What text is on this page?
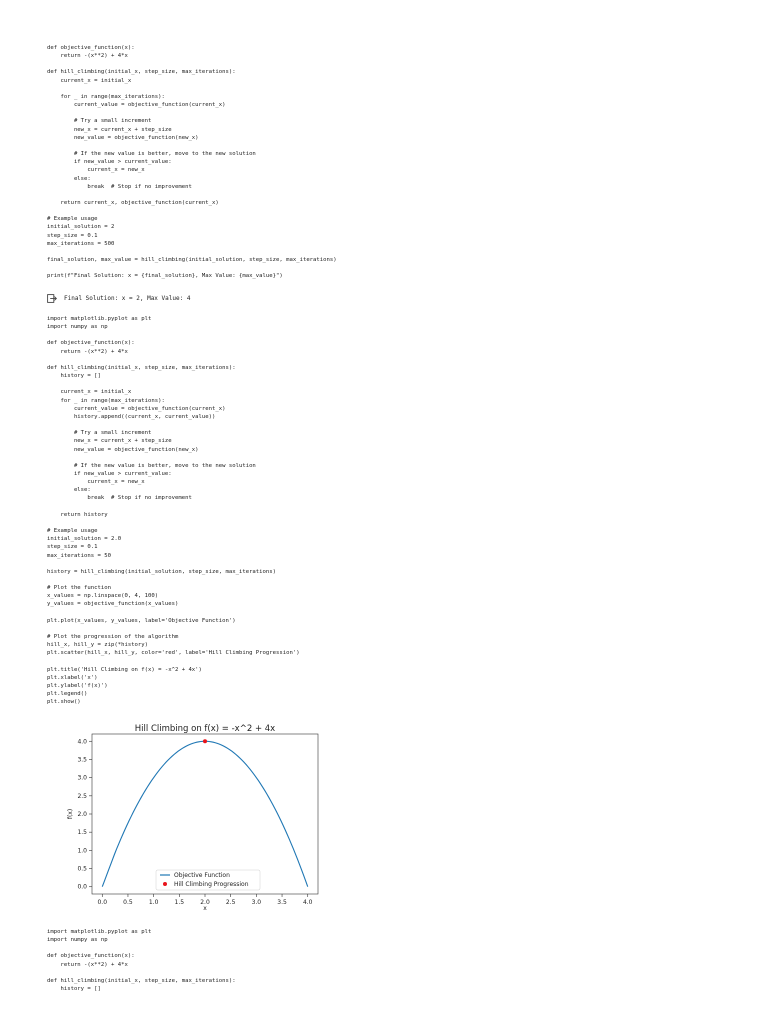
def objective_function(x):
return -(x**2) + 4*x

def hill_climbing(initial_x, step_size, max_iterations):
current_x = initial_x

for _ in range(max_iterations):
current_value = objective_function(current_x)

# Try a small increment
new_x = current_x + step_size
new_value = objective_function(new_x)

# If the new value is better, move to the new solution
if new_value > current_value:
current_x = new_x
else:
break  # Stop if no improvement

return current_x, objective_function(current_x)

# Example usage
initial_solution = 2
step_size = 0.1
max_iterations = 500

final_solution, max_value = hill_climbing(initial_solution, step_size, max_iterations)

print(f"Final Solution: x = {final_solution}, Max Value: {max_value}")

Final Solution: x = 2, Max Value: 4
import matplotlib.pyplot as plt
import numpy as np

def objective_function(x):
return -(x**2) + 4*x

def hill_climbing(initial_x, step_size, max_iterations):
history = []

current_x = initial_x
for _ in range(max_iterations):
current_value = objective_function(current_x)
history.append((current_x, current_value))

# Try a small increment
new_x = current_x + step_size
new_value = objective_function(new_x)

# If the new value is better, move to the new solution
if new_value > current_value:
current_x = new_x
else:
break  # Stop if no improvement

return history

# Example usage
initial_solution = 2.0
step_size = 0.1
max_iterations = 50

history = hill_climbing(initial_solution, step_size, max_iterations)

# Plot the function
x_values = np.linspace(0, 4, 100)
y_values = objective_function(x_values)

plt.plot(x_values, y_values, label='Objective Function')

# Plot the progression of the algorithm
hill_x, hill_y = zip(*history)
plt.scatter(hill_x, hill_y, color='red', label='Hill Climbing Progression')

plt.title('Hill Climbing on f(x) = -x^2 + 4x')
plt.xlabel('x')
plt.ylabel('f(x)')
plt.legend()
plt.show()

Hill Climbing on f(x) = -x^2 + 4x
0.0	0.5	1.0	1.5	2.0	2.5	3.0	3.5	4.0
0.0
0.5
1.0
1.5
2.0
2.5
3.0
3.5
4.0
x
f(x)
Objective Function
Hill Climbing Progression
import matplotlib.pyplot as plt
import numpy as np

def objective_function(x):
return -(x**2) + 4*x

def hill_climbing(initial_x, step_size, max_iterations):
history = []
